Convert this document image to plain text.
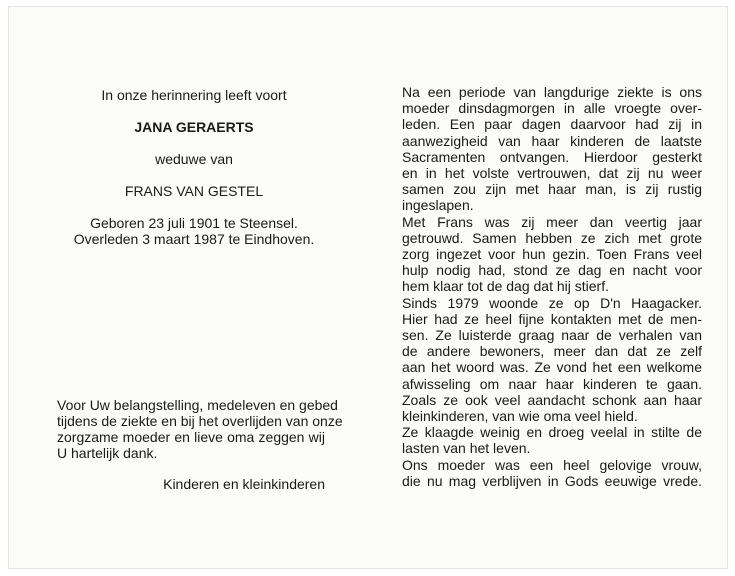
In onze herinnering leeft voort
JANA GERAERTS
weduwe van
FRANS VAN GESTEL
Geboren 23 juli 1901 te Steensel.
Overleden 3 maart 1987 te Eindhoven.
Voor Uw belangstelling, medeleven en gebed
tijdens de ziekte en bij het overlijden van onze
zorgzame moeder en lieve oma zeggen wij
U hartelijk dank.
Kinderen en kleinkinderen
Na een periode van langdurige ziekte is ons
moeder dinsdagmorgen in alle vroegte over-
leden. Een paar dagen daarvoor had zij in
aanwezigheid van haar kinderen de laatste
Sacramenten ontvangen. Hierdoor gesterkt
en in het volste vertrouwen, dat zij nu weer
samen zou zijn met haar man, is zij rustig
ingeslapen.
Met Frans was zij meer dan veertig jaar
getrouwd. Samen hebben ze zich met grote
zorg ingezet voor hun gezin. Toen Frans veel
hulp nodig had, stond ze dag en nacht voor
hem klaar tot de dag dat hij stierf.
Sinds 1979 woonde ze op D'n Haagacker.
Hier had ze heel fijne kontakten met de men-
sen. Ze luisterde graag naar de verhalen van
de andere bewoners, meer dan dat ze zelf
aan het woord was. Ze vond het een welkome
afwisseling om naar haar kinderen te gaan.
Zoals ze ook veel aandacht schonk aan haar
kleinkinderen, van wie oma veel hield.
Ze klaagde weinig en droeg veelal in stilte de
lasten van het leven.
Ons moeder was een heel gelovige vrouw,
die nu mag verblijven in Gods eeuwige vrede.
